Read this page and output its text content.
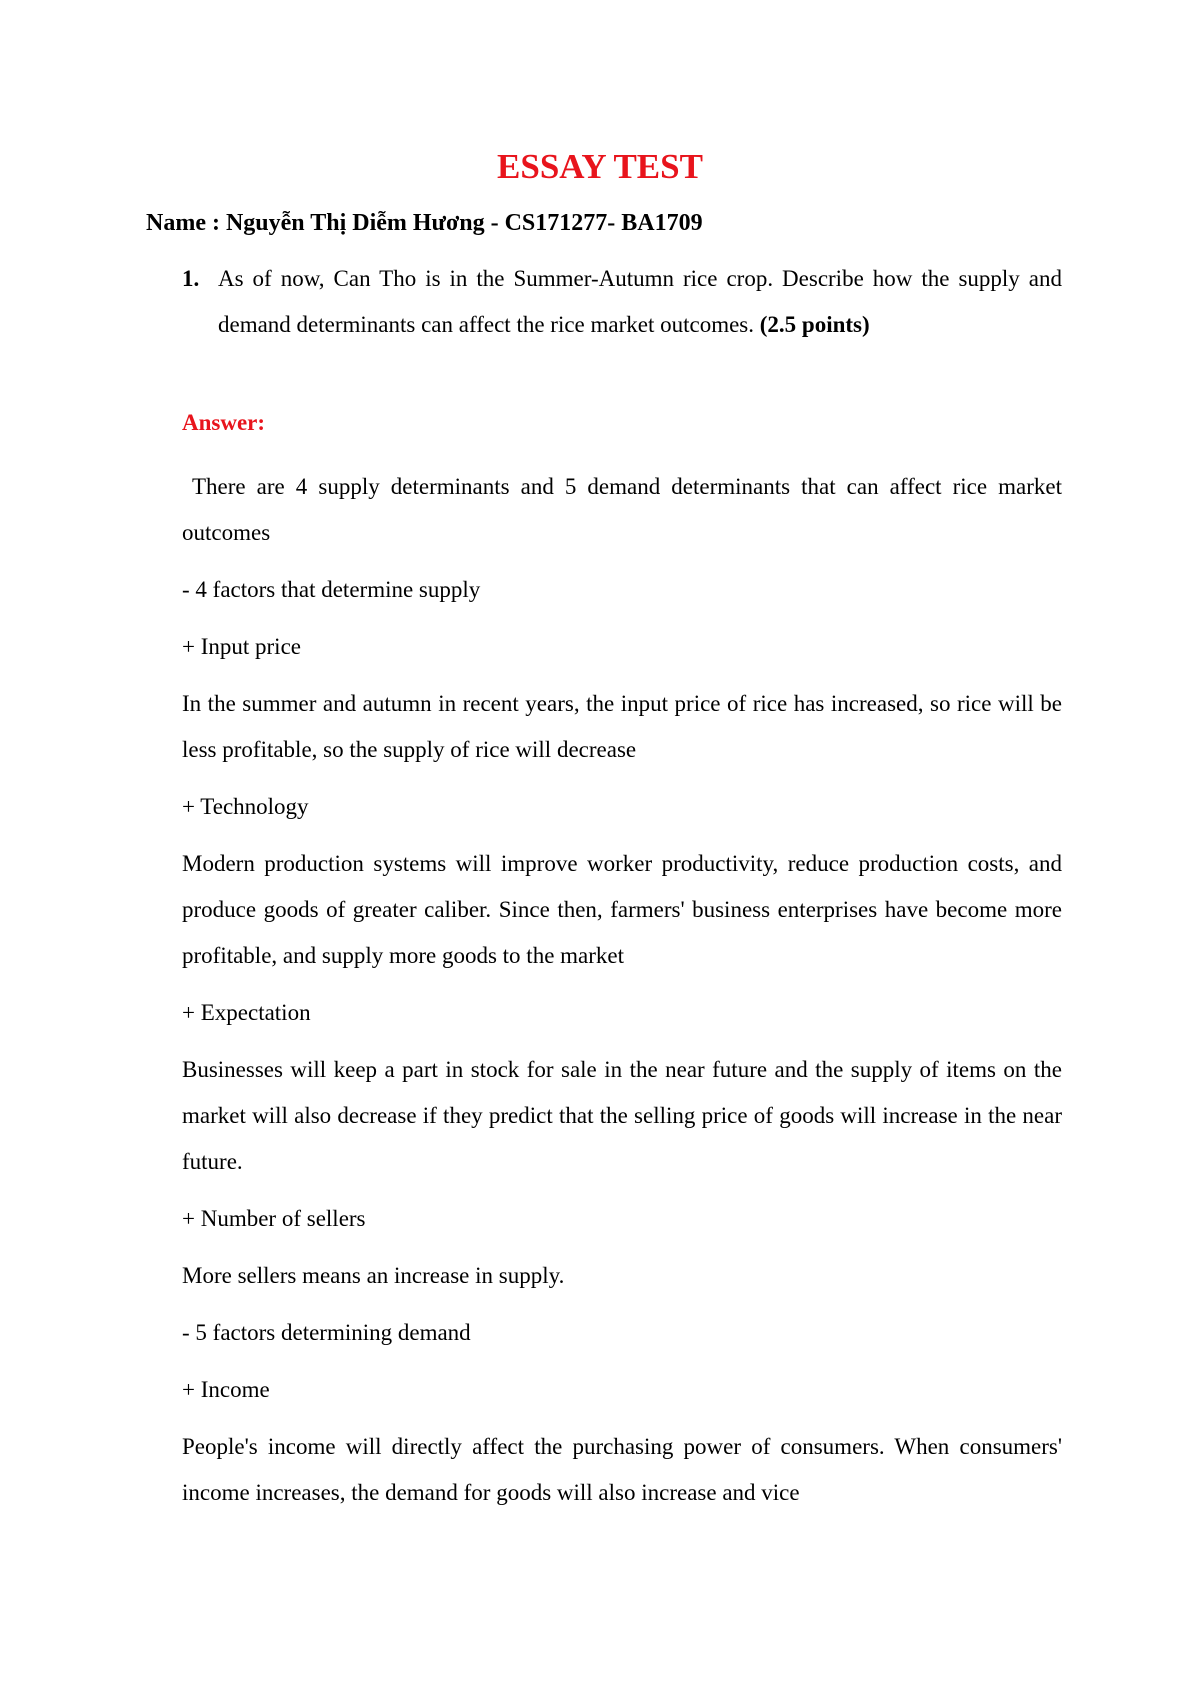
ESSAY TEST

Name : Nguyễn Thị Diễm Hương - CS171277- BA1709

1. As of now, Can Tho is in the Summer-Autumn rice crop. Describe how the supply and demand determinants can affect the rice market outcomes. (2.5 points)

Answer:

There are 4 supply determinants and 5 demand determinants that can affect rice market outcomes

- 4 factors that determine supply

+ Input price

In the summer and autumn in recent years, the input price of rice has increased, so rice will be less profitable, so the supply of rice will decrease

+ Technology

Modern production systems will improve worker productivity, reduce production costs, and produce goods of greater caliber. Since then, farmers' business enterprises have become more profitable, and supply more goods to the market

+ Expectation

Businesses will keep a part in stock for sale in the near future and the supply of items on the market will also decrease if they predict that the selling price of goods will increase in the near future.

+ Number of sellers

More sellers means an increase in supply.

- 5 factors determining demand

+ Income

People's income will directly affect the purchasing power of consumers. When consumers' income increases, the demand for goods will also increase and vice
